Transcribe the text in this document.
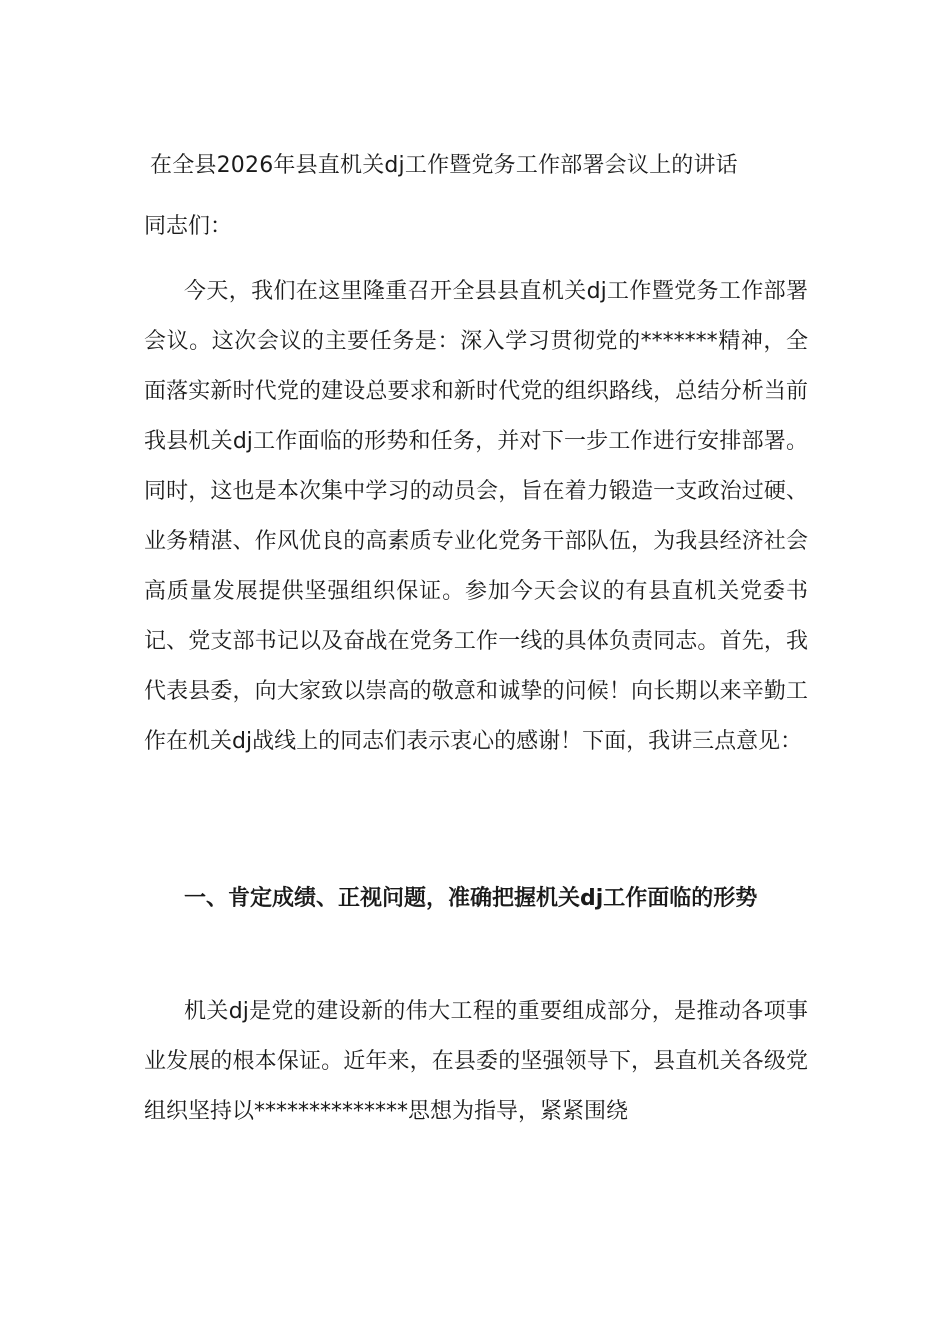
在全县2026年县直机关dj工作暨党务工作部署会议上的讲话

同志们：

今天，我们在这里隆重召开全县县直机关dj工作暨党务工作部署会议。这次会议的主要任务是：深入学习贯彻党的*******精神，全面落实新时代党的建设总要求和新时代党的组织路线，总结分析当前我县机关dj工作面临的形势和任务，并对下一步工作进行安排部署。同时，这也是本次集中学习的动员会，旨在着力锻造一支政治过硬、业务精湛、作风优良的高素质专业化党务干部队伍，为我县经济社会高质量发展提供坚强组织保证。参加今天会议的有县直机关党委书记、党支部书记以及奋战在党务工作一线的具体负责同志。首先，我代表县委，向大家致以崇高的敬意和诚挚的问候！向长期以来辛勤工作在机关dj战线上的同志们表示衷心的感谢！下面，我讲三点意见：

一、肯定成绩、正视问题，准确把握机关dj工作面临的形势

机关dj是党的建设新的伟大工程的重要组成部分，是推动各项事业发展的根本保证。近年来，在县委的坚强领导下，县直机关各级党组织坚持以**************思想为指导，紧紧围绕
